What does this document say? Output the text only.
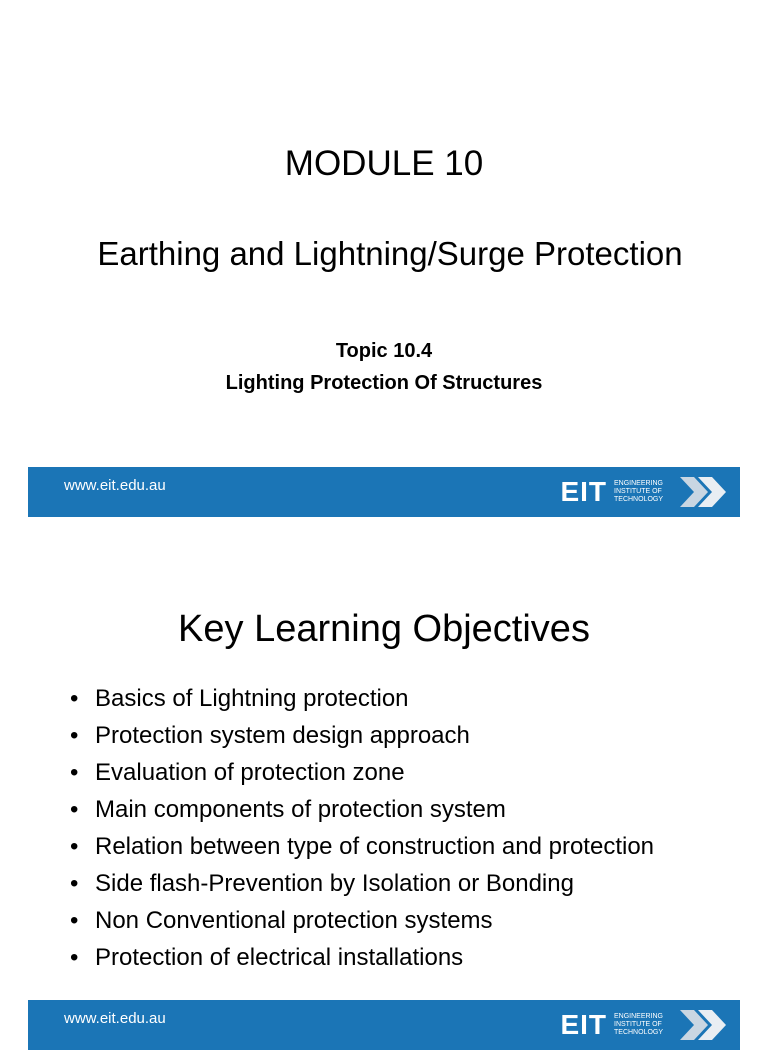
MODULE 10
Earthing and Lightning/Surge Protection
Topic 10.4
Lighting Protection Of Structures
www.eit.edu.au	EIT ENGINEERING
INSTITUTE OF
TECHNOLOGY
Key Learning Objectives
• Basics of Lightning protection
• Protection system design approach
• Evaluation of protection zone
• Main components of protection system
• Relation between type of construction and protection
• Side flash-Prevention by Isolation or Bonding
• Non Conventional protection systems
• Protection of electrical installations
www.eit.edu.au	EIT ENGINEERING
INSTITUTE OF
TECHNOLOGY
